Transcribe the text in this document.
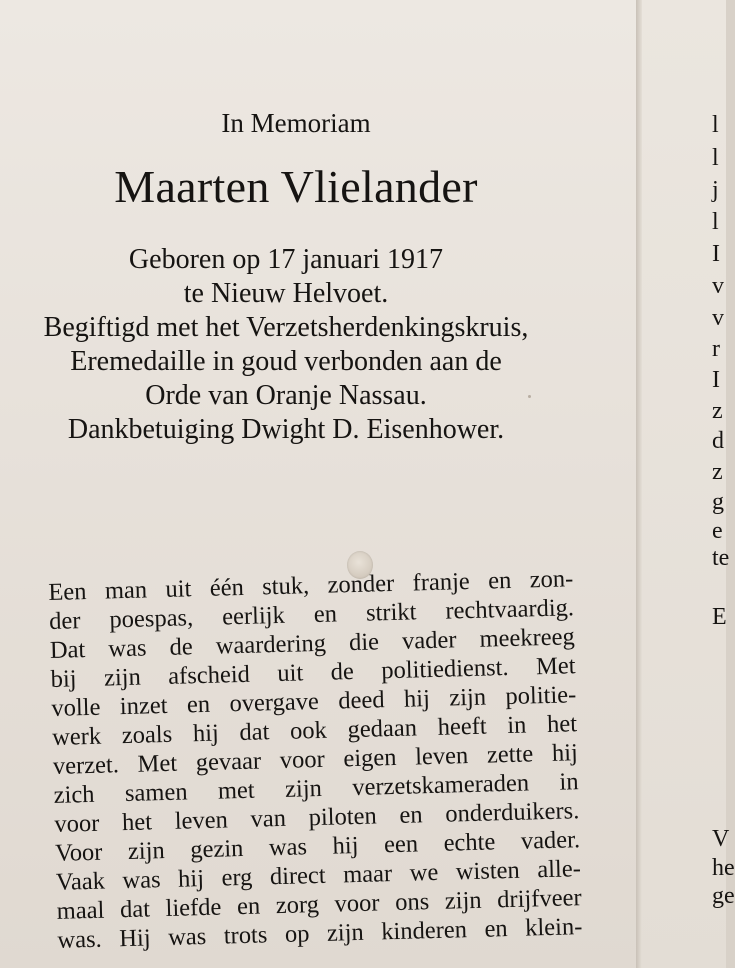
In Memoriam
Maarten Vlielander
Geboren op 17 januari 1917
te Nieuw Helvoet.
Begiftigd met het Verzetsherdenkingskruis,
Eremedaille in goud verbonden aan de
Orde van Oranje Nassau.
Dankbetuiging Dwight D. Eisenhower.
Een man uit één stuk, zonder franje en zon-
der poespas, eerlijk en strikt rechtvaardig.
Dat was de waardering die vader meekreeg
bij zijn afscheid uit de politiedienst. Met
volle inzet en overgave deed hij zijn politie-
werk zoals hij dat ook gedaan heeft in het
verzet. Met gevaar voor eigen leven zette hij
zich samen met zijn verzetskameraden in
voor het leven van piloten en onderduikers.
Voor zijn gezin was hij een echte vader.
Vaak was hij erg direct maar we wisten alle-
maal dat liefde en zorg voor ons zijn drijfveer
was. Hij was trots op zijn kinderen en klein-
l
l
j
l
I
v
v
r
I
z
d
z
g
e
te
E
V
he
ge
